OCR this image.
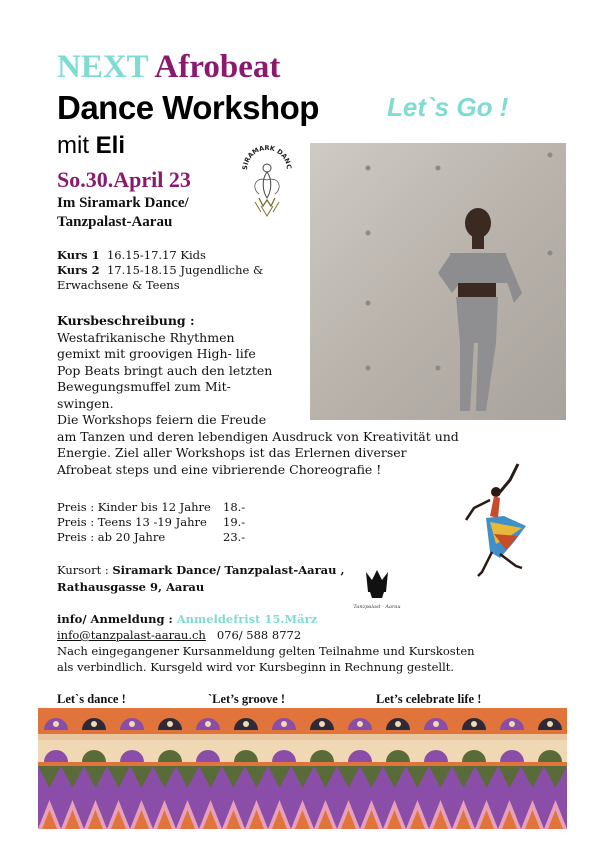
NEXT Afrobeat
Dance Workshop	Let`s Go !
mit Eli
So.30.April 23
Im Siramark Dance/
Tanzpalast-Aarau
SIRAMARK DANC
Kurs 1 16.15-17.17 Kids
Kurs 2 17.15-18.15 Jugendliche &
Erwachsene & Teens
Kursbeschreibung :
Westafrikanische Rhythmen
gemixt mit groovigen High- life
Pop Beats bringt auch den letzten
Bewegungsmuffel zum Mit-
swingen.
Die Workshops feiern die Freude
am Tanzen und deren lebendigen Ausdruck von Kreativität und
Energie. Ziel aller Workshops ist das Erlernen diverser
Afrobeat steps und eine vibrierende Choreografie !
Preis : Kinder bis 12 Jahre	18.-
Preis : Teens 13 -19 Jahre	19.-
Preis : ab 20 Jahre	23.-
Kursort : Siramark Dance/ Tanzpalast-Aarau ,
Rathausgasse 9, Aarau
Tanzpalast - Aarau
info/ Anmeldung : Anmeldefrist 15.März
info@tanzpalast-aarau.ch 076/ 588 8772
Nach eingegangener Kursanmeldung gelten Teilnahme und Kurskosten
als verbindlich. Kursgeld wird vor Kursbeginn in Rechnung gestellt.
Let`s dance !	`Let’s groove !	Let’s celebrate life !
